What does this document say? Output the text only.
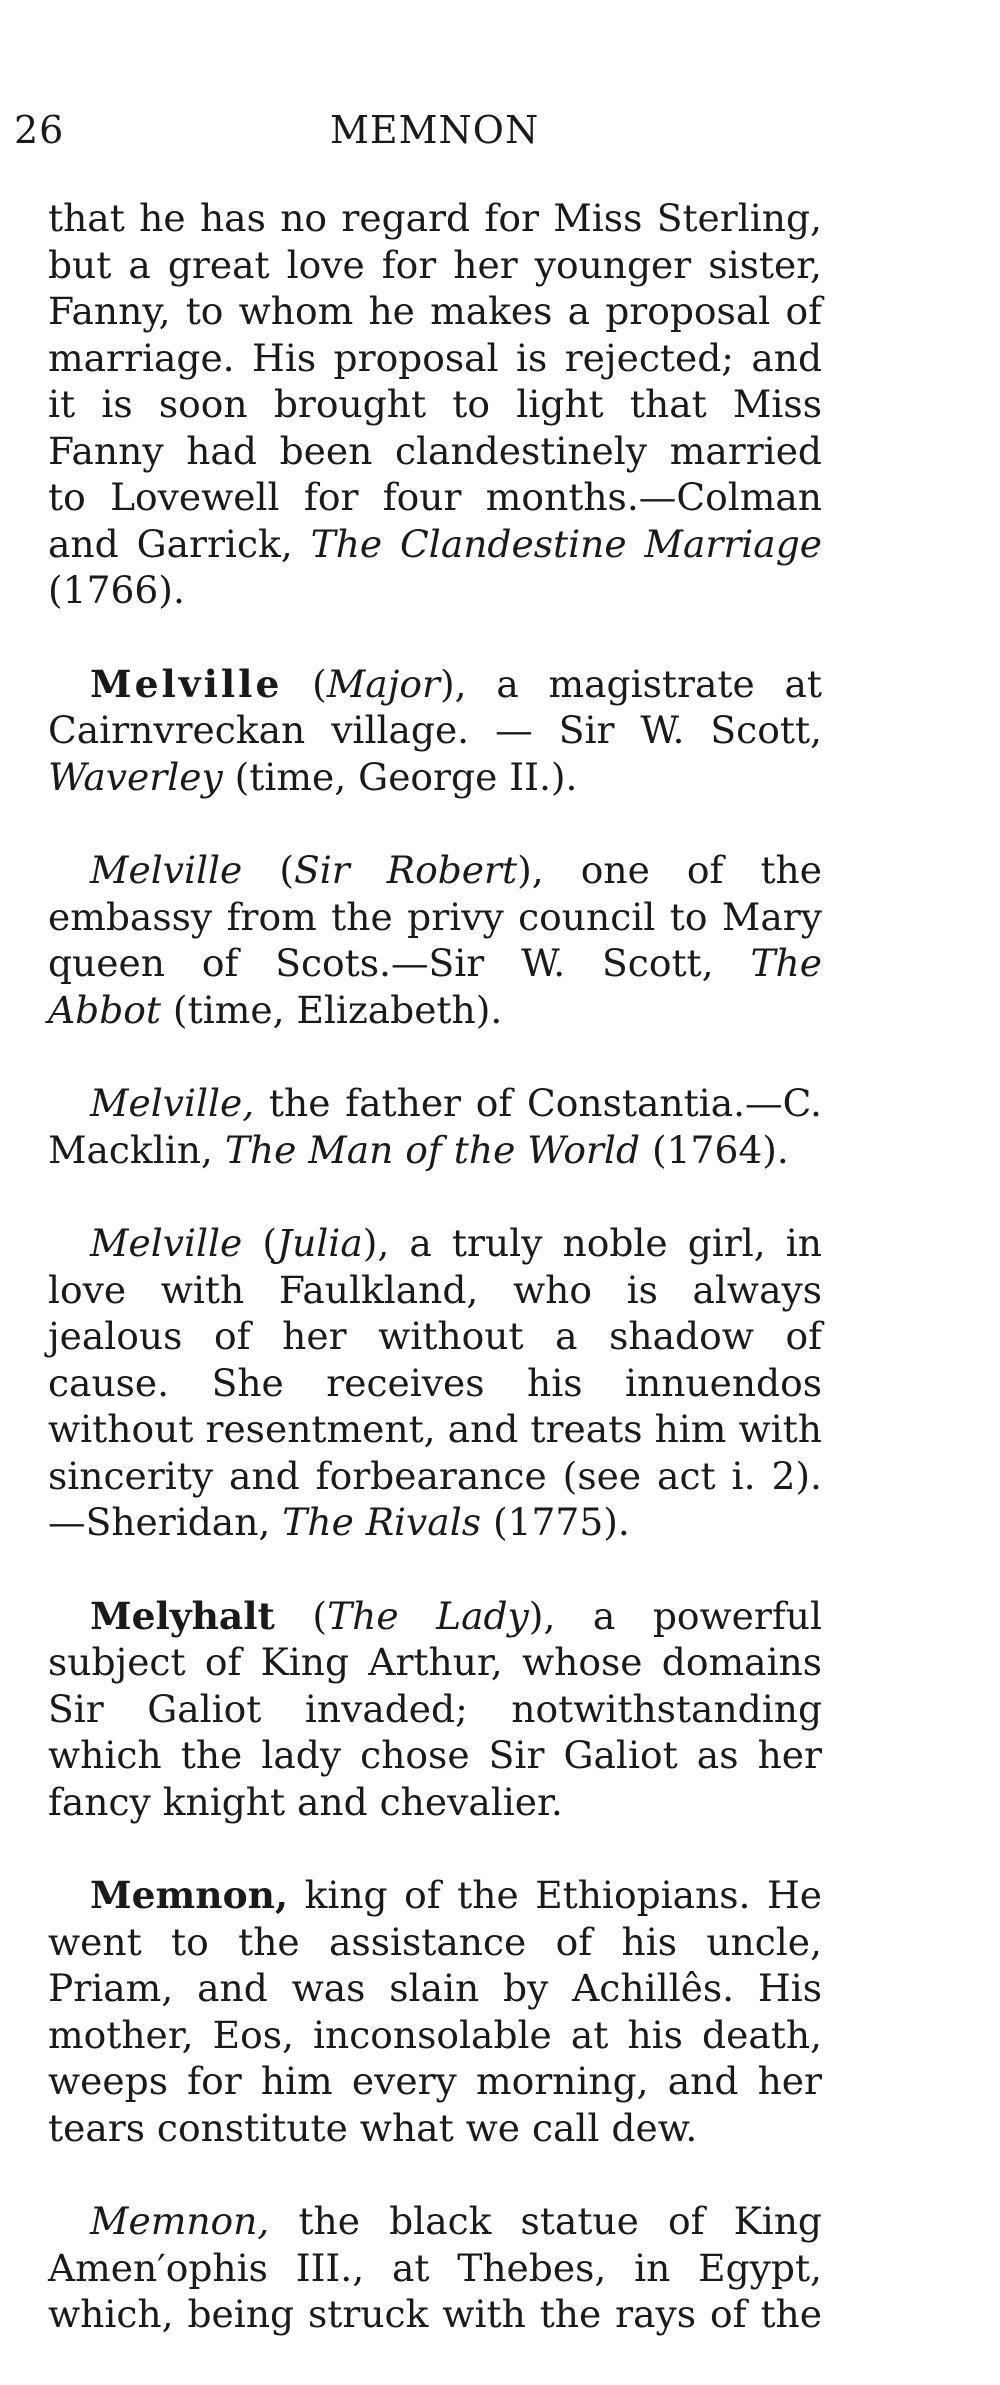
26	MEMNON

that he has no regard for Miss Sterling, but a great love for her younger sister, Fanny, to whom he makes a proposal of marriage. His proposal is rejected; and it is soon brought to light that Miss Fanny had been clandestinely married to Lovewell for four months.—Colman and Garrick, The Clandestine Marriage (1766).

Melville (Major), a magistrate at Cairnvreckan village. — Sir W. Scott, Waverley (time, George II.).

Melville (Sir Robert), one of the embassy from the privy council to Mary queen of Scots.—Sir W. Scott, The Abbot (time, Elizabeth).

Melville, the father of Constantia.—C. Macklin, The Man of the World (1764).

Melville (Julia), a truly noble girl, in love with Faulkland, who is always jealous of her without a shadow of cause. She receives his innuendos without resentment, and treats him with sincerity and forbearance (see act i. 2).—Sheridan, The Rivals (1775).

Melyhalt (The Lady), a powerful subject of King Arthur, whose domains Sir Galiot invaded; notwithstanding which the lady chose Sir Galiot as her fancy knight and chevalier.

Memnon, king of the Ethiopians. He went to the assistance of his uncle, Priam, and was slain by Achillês. His mother, Eos, inconsolable at his death, weeps for him every morning, and her tears constitute what we call dew.

Memnon, the black statue of King Amen′ophis III., at Thebes, in Egypt, which, being struck with the rays of the
